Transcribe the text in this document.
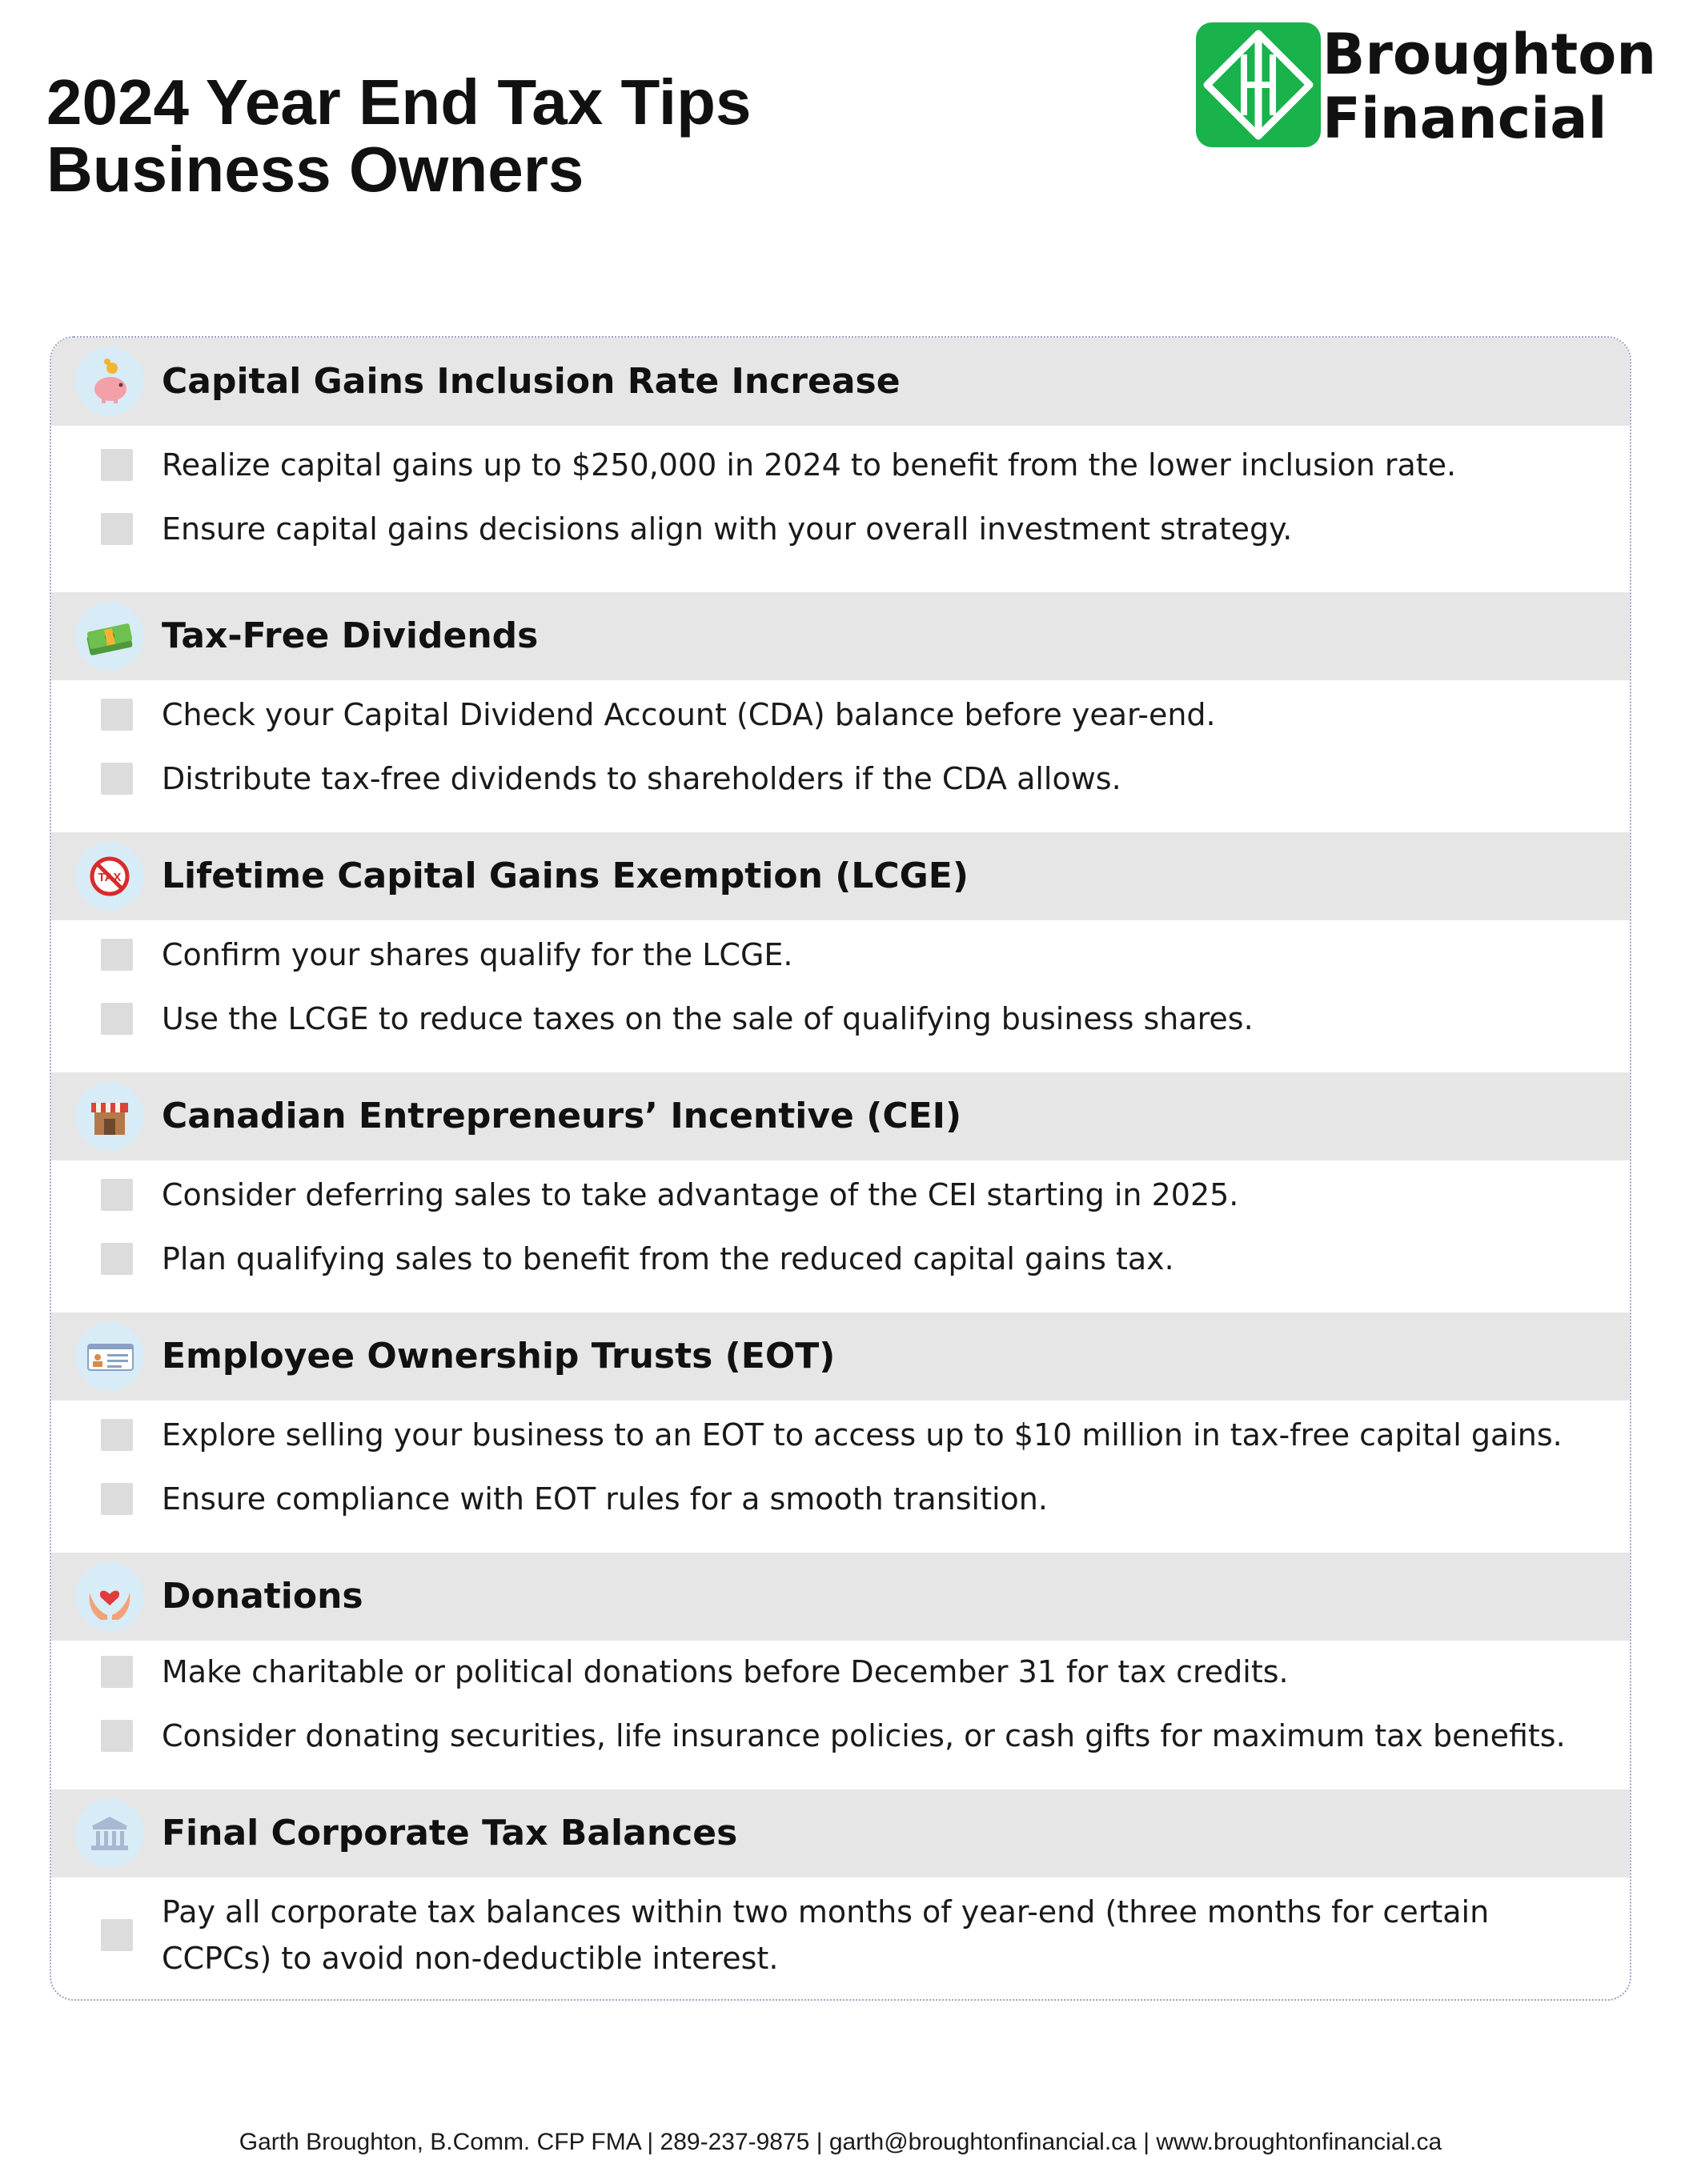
2024 Year End Tax Tips
Business Owners
Broughton
Financial
Capital Gains Inclusion Rate Increase
Realize capital gains up to $250,000 in 2024 to benefit from the lower inclusion rate.
Ensure capital gains decisions align with your overall investment strategy.
Tax-Free Dividends
Check your Capital Dividend Account (CDA) balance before year-end.
Distribute tax-free dividends to shareholders if the CDA allows.
TAX Lifetime Capital Gains Exemption (LCGE)
Confirm your shares qualify for the LCGE.
Use the LCGE to reduce taxes on the sale of qualifying business shares.
Canadian Entrepreneurs’ Incentive (CEI)
Consider deferring sales to take advantage of the CEI starting in 2025.
Plan qualifying sales to benefit from the reduced capital gains tax.
Employee Ownership Trusts (EOT)
Explore selling your business to an EOT to access up to $10 million in tax-free capital gains.
Ensure compliance with EOT rules for a smooth transition.
Donations
Make charitable or political donations before December 31 for tax credits.
Consider donating securities, life insurance policies, or cash gifts for maximum tax benefits.
Final Corporate Tax Balances
Pay all corporate tax balances within two months of year-end (three months for certain CCPCs) to avoid non-deductible interest.
Garth Broughton, B.Comm. CFP FMA | 289-237-9875 | garth@broughtonfinancial.ca | www.broughtonfinancial.ca
